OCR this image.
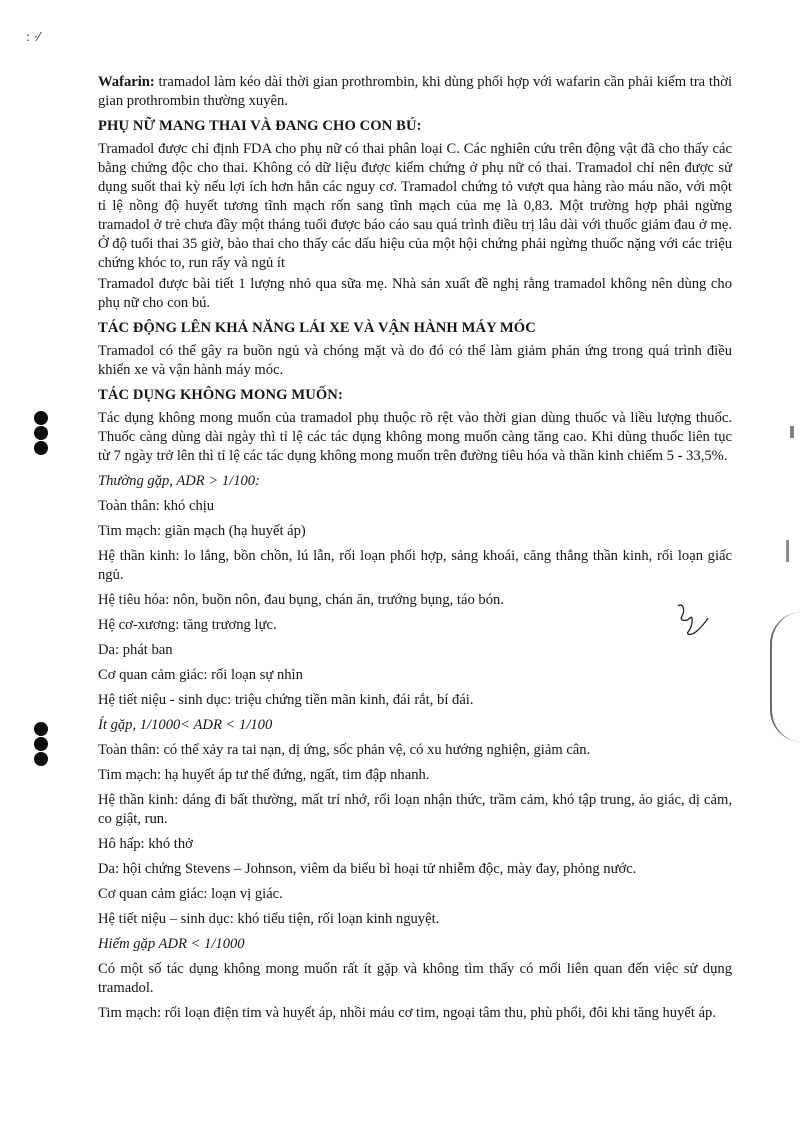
: ·⁄

Wafarin: tramadol làm kéo dài thời gian prothrombin, khi dùng phối hợp với wafarin cần phải kiểm tra thời gian prothrombin thường xuyên.

PHỤ NỮ MANG THAI VÀ ĐANG CHO CON BÚ:

Tramadol được chỉ định FDA cho phụ nữ có thai phân loại C. Các nghiên cứu trên động vật đã cho thấy các bằng chứng độc cho thai. Không có dữ liệu được kiểm chứng ở phụ nữ có thai. Tramadol chỉ nên được sử dụng suốt thai kỳ nếu lợi ích hơn hẳn các nguy cơ. Tramadol chứng tỏ vượt qua hàng rào máu não, với một tỉ lệ nồng độ huyết tương tĩnh mạch rốn sang tĩnh mạch của mẹ là 0,83. Một trường hợp phải ngừng tramadol ở trẻ chưa đầy một tháng tuổi được báo cáo sau quá trình điều trị lâu dài với thuốc giảm đau ở mẹ. Ở độ tuổi thai 35 giờ, bào thai cho thấy các dấu hiệu của một hội chứng phải ngừng thuốc nặng với các triệu chứng khóc to, run rẩy và ngủ ít

Tramadol được bài tiết 1 lượng nhỏ qua sữa mẹ. Nhà sản xuất đề nghị rằng tramadol không nên dùng cho phụ nữ cho con bú.

TÁC ĐỘNG LÊN KHẢ NĂNG LÁI XE VÀ VẬN HÀNH MÁY MÓC

Tramadol có thể gây ra buồn ngủ và chóng mặt và do đó có thể làm giảm phản ứng trong quá trình điều khiển xe và vận hành máy móc.

TÁC DỤNG KHÔNG MONG MUỐN:

Tác dụng không mong muốn của tramadol phụ thuộc rõ rệt vào thời gian dùng thuốc và liều lượng thuốc. Thuốc càng dùng dài ngày thì tỉ lệ các tác dụng không mong muốn càng tăng cao. Khi dùng thuốc liên tục từ 7 ngày trở lên thì tỉ lệ các tác dụng không mong muốn trên đường tiêu hóa và thần kinh chiếm 5 - 33,5%.

Thường gặp, ADR > 1/100:

Toàn thân: khó chịu

Tim mạch: giãn mạch (hạ huyết áp)

Hệ thần kinh: lo lắng, bồn chồn, lú lẫn, rối loạn phối hợp, sảng khoái, căng thẳng thần kinh, rối loạn giấc ngủ.

Hệ tiêu hóa: nôn, buồn nôn, đau bụng, chán ăn, trướng bụng, táo bón.

Hệ cơ-xương: tăng trương lực.

Da: phát ban

Cơ quan cảm giác: rối loạn sự nhìn

Hệ tiết niệu - sinh dục: triệu chứng tiền mãn kinh, đái rắt, bí đái.

Ít gặp, 1/1000< ADR < 1/100

Toàn thân: có thể xảy ra tai nạn, dị ứng, sốc phản vệ, có xu hướng nghiện, giảm cân.

Tim mạch: hạ huyết áp tư thế đứng, ngất, tim đập nhanh.

Hệ thần kinh: dáng đi bất thường, mất trí nhớ, rối loạn nhận thức, trầm cảm, khó tập trung, ảo giác, dị cảm, co giật, run.

Hô hấp: khó thở

Da: hội chứng Stevens – Johnson, viêm da biểu bì hoại tử nhiễm độc, mày đay, phỏng nước.

Cơ quan cảm giác: loạn vị giác.

Hệ tiết niệu – sinh dục: khó tiểu tiện, rối loạn kinh nguyệt.

Hiếm gặp ADR < 1/1000

Có một số tác dụng không mong muốn rất ít gặp và không tìm thấy có mối liên quan đến việc sử dụng tramadol.

Tim mạch: rối loạn điện tim và huyết áp, nhồi máu cơ tim, ngoại tâm thu, phù phổi, đôi khi tăng huyết áp.
